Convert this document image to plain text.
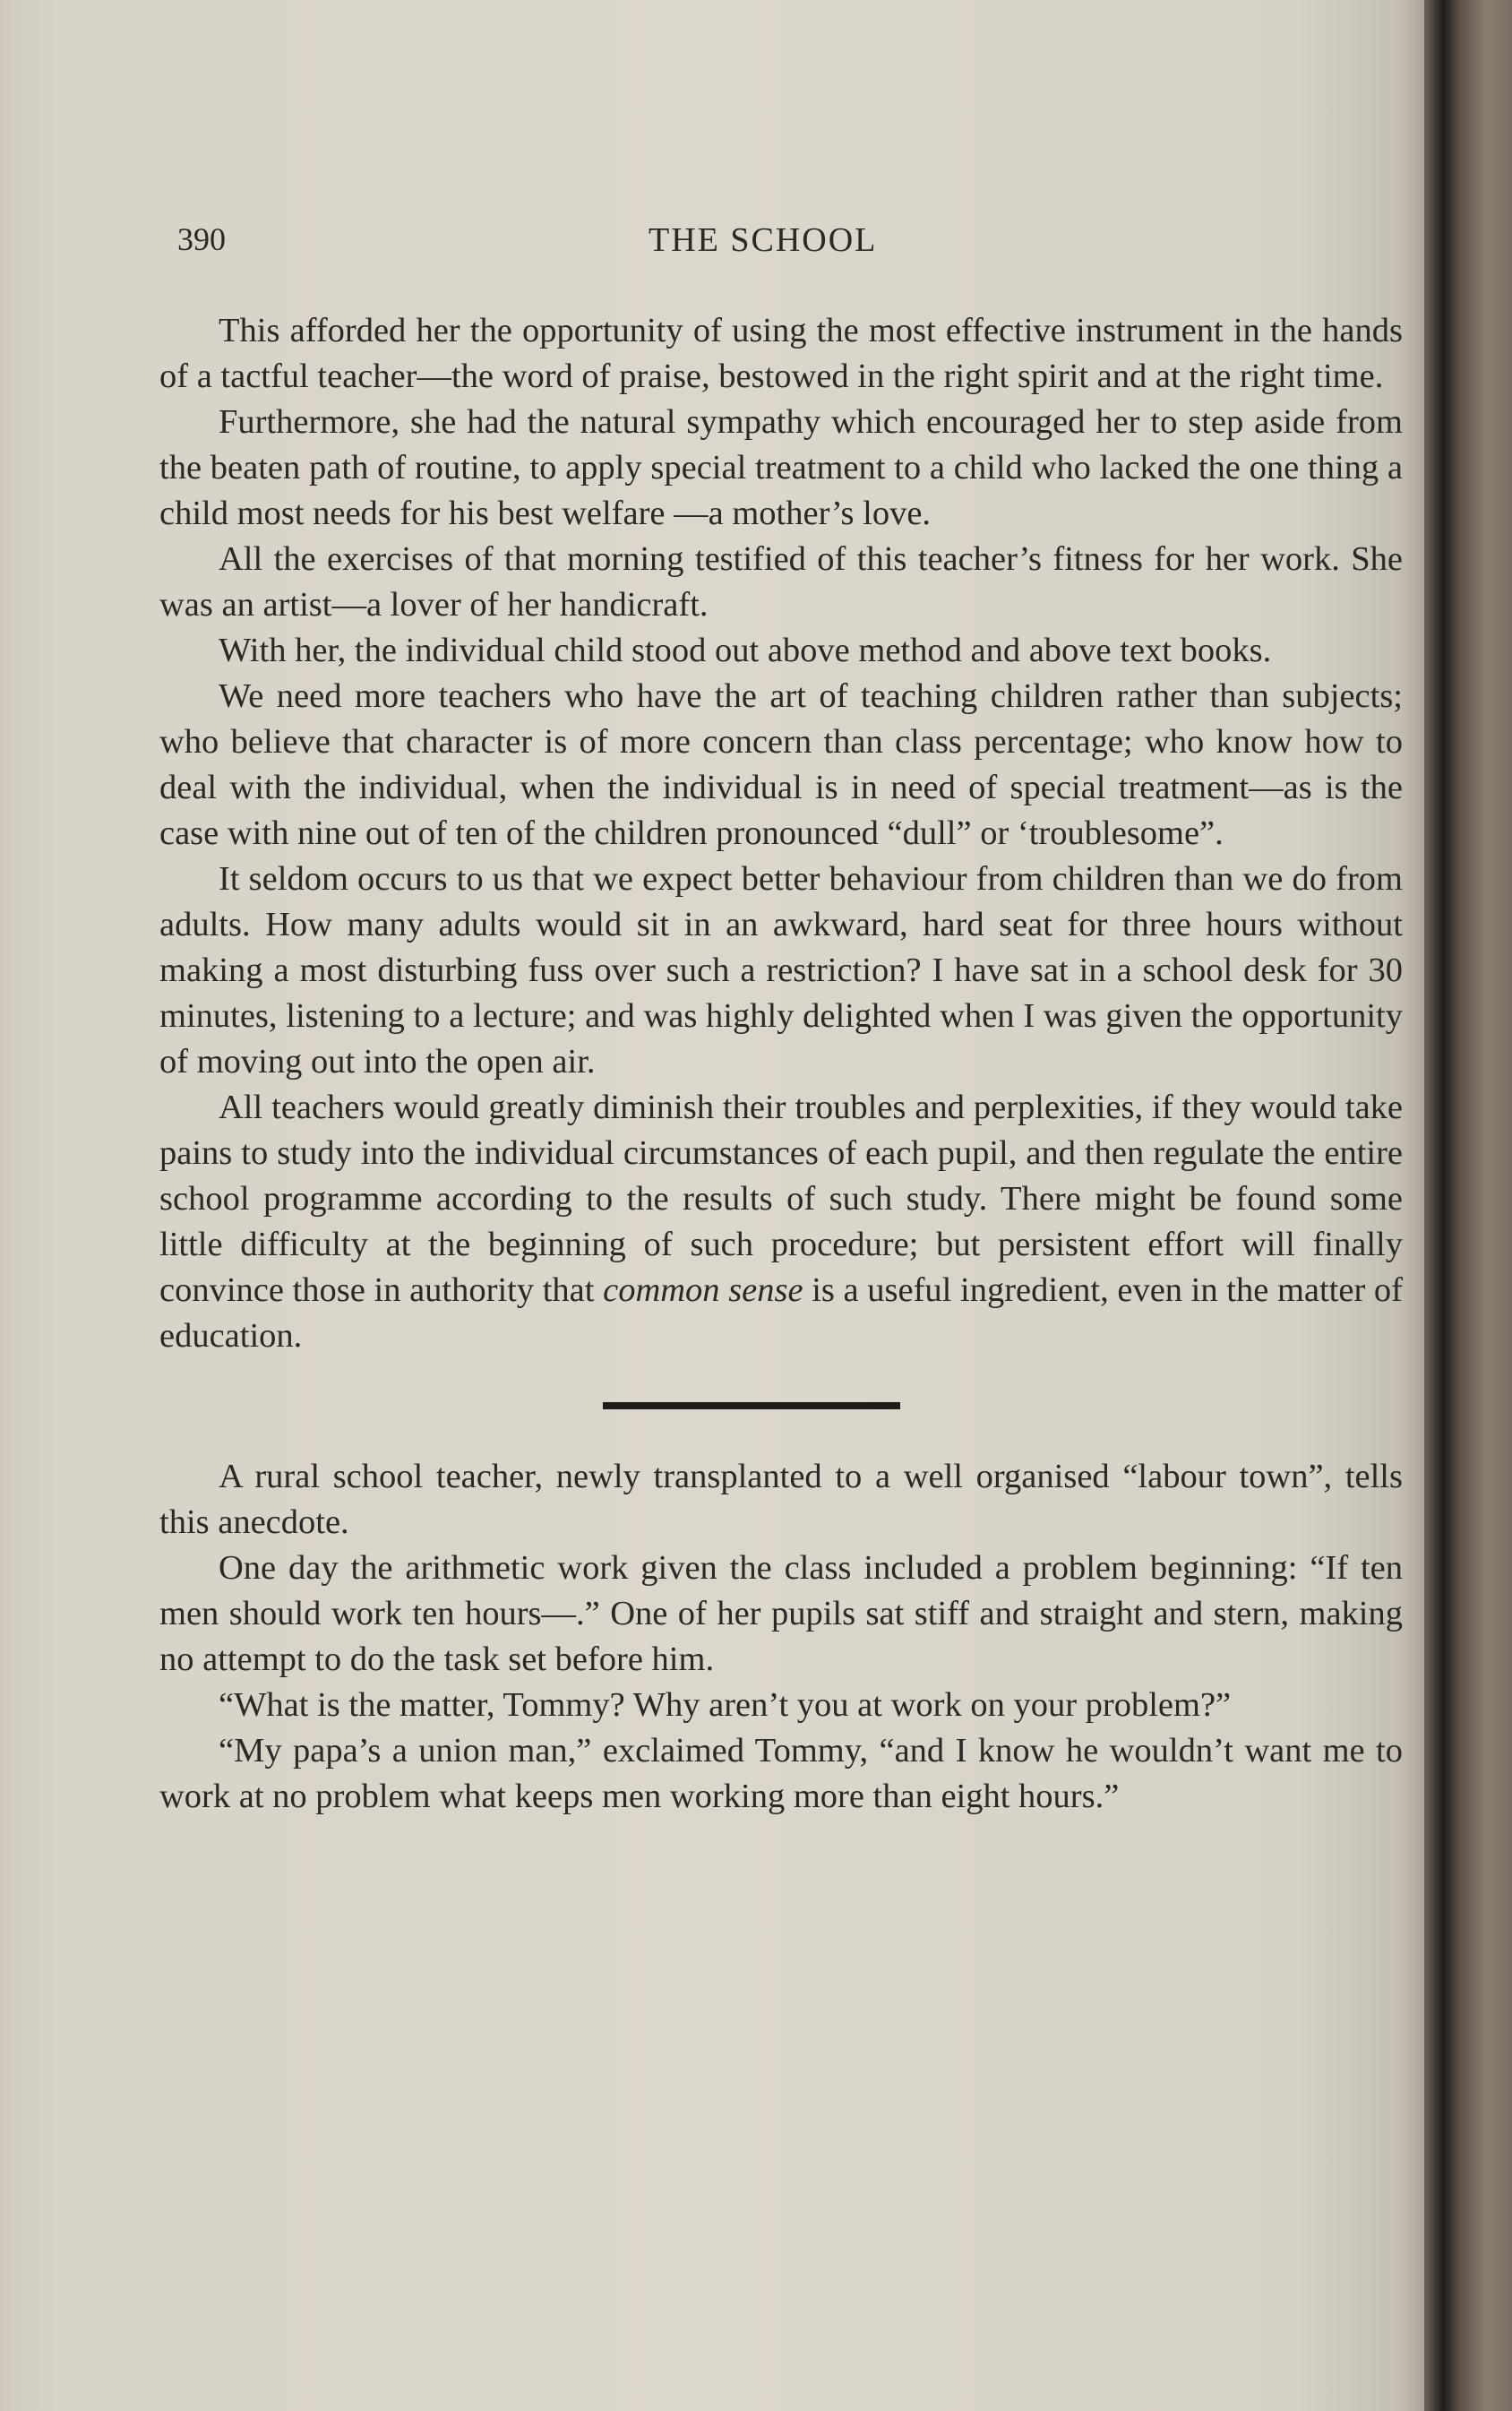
390	THE SCHOOL

This afforded her the opportunity of using the most effective instrument in the hands of a tactful teacher—the word of praise, bestowed in the right spirit and at the right time.

Furthermore, she had the natural sympathy which encouraged her to step aside from the beaten path of routine, to apply special treatment to a child who lacked the one thing a child most needs for his best welfare —a mother’s love.

All the exercises of that morning testified of this teacher’s fitness for her work. She was an artist—a lover of her handicraft.

With her, the individual child stood out above method and above text books.

We need more teachers who have the art of teaching children rather than subjects; who believe that character is of more concern than class percentage; who know how to deal with the individual, when the individual is in need of special treatment—as is the case with nine out of ten of the children pronounced “dull” or ‘troublesome”.

It seldom occurs to us that we expect better behaviour from children than we do from adults. How many adults would sit in an awkward, hard seat for three hours without making a most disturbing fuss over such a restriction? I have sat in a school desk for 30 minutes, listening to a lecture; and was highly delighted when I was given the opportunity of moving out into the open air.

All teachers would greatly diminish their troubles and perplexities, if they would take pains to study into the individual circumstances of each pupil, and then regulate the entire school programme according to the results of such study. There might be found some little difficulty at the beginning of such procedure; but persistent effort will finally convince those in authority that common sense is a useful ingredient, even in the matter of education.

A rural school teacher, newly transplanted to a well organised “labour town”, tells this anecdote.

One day the arithmetic work given the class included a problem beginning: “If ten men should work ten hours—.” One of her pupils sat stiff and straight and stern, making no attempt to do the task set before him.

“What is the matter, Tommy? Why aren’t you at work on your problem?”

“My papa’s a union man,” exclaimed Tommy, “and I know he wouldn’t want me to work at no problem what keeps men working more than eight hours.”
